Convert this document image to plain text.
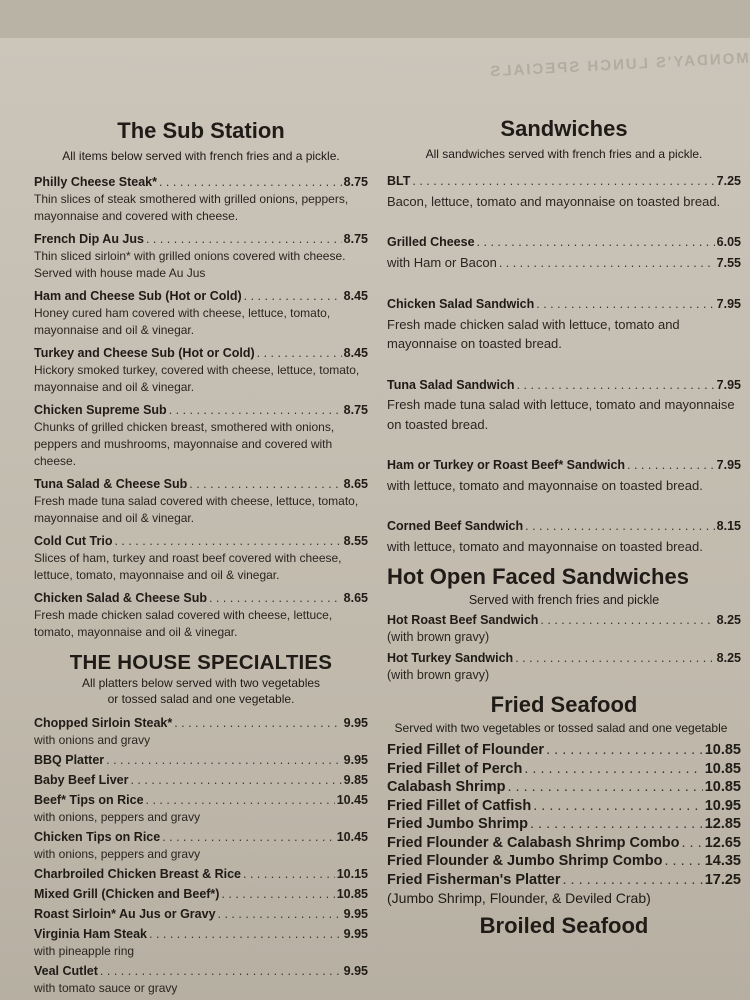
MONDAY'S LUNCH SPECIALS
The Sub Station
All items below served with french fries and a pickle.
Philly Cheese Steak* . . .	8.75
Thin slices of steak smothered with grilled onions, peppers, mayonnaise and covered with cheese.
French Dip Au Jus . . .	8.75
Thin sliced sirloin* with grilled onions covered with cheese. Served with house made Au Jus
Ham and Cheese Sub (Hot or Cold) . . .	8.45
Honey cured ham covered with cheese, lettuce, tomato, mayonnaise and oil & vinegar.
Turkey and Cheese Sub (Hot or Cold) . . .	8.45
Hickory smoked turkey, covered with cheese, lettuce, tomato, mayonnaise and oil & vinegar.
Chicken Supreme Sub . . .	8.75
Chunks of grilled chicken breast, smothered with onions, peppers and mushrooms, mayonnaise and covered with cheese.
Tuna Salad & Cheese Sub . . .	8.65
Fresh made tuna salad covered with cheese, lettuce, tomato, mayonnaise and oil & vinegar.
Cold Cut Trio . . .	8.55
Slices of ham, turkey and roast beef covered with cheese, lettuce, tomato, mayonnaise and oil & vinegar.
Chicken Salad & Cheese Sub . . .	8.65
Fresh made chicken salad covered with cheese, lettuce, tomato, mayonnaise and oil & vinegar.
THE HOUSE SPECIALTIES
All platters below served with two vegetables
or tossed salad and one vegetable.
Chopped Sirloin Steak* . . .	9.95
with onions and gravy
BBQ Platter . . .	9.95
Baby Beef Liver . . .	9.85
Beef* Tips on Rice . . .	10.45
with onions, peppers and gravy
Chicken Tips on Rice . . .	10.45
with onions, peppers and gravy
Charbroiled Chicken Breast & Rice . . .	10.15
Mixed Grill (Chicken and Beef*) . . .	10.85
Roast Sirloin* Au Jus or Gravy . . .	9.95
Virginia Ham Steak . . .	9.95
with pineapple ring
Veal Cutlet . . .	9.95
with tomato sauce or gravy
Sandwiches
All sandwiches served with french fries and a pickle.
BLT . . .	7.25
Bacon, lettuce, tomato and mayonnaise on toasted bread.
Grilled Cheese . . .	6.05
with Ham or Bacon . . .	7.55
Chicken Salad Sandwich . . .	7.95
Fresh made chicken salad with lettuce, tomato and mayonnaise on toasted bread.
Tuna Salad Sandwich . . .	7.95
Fresh made tuna salad with lettuce, tomato and mayonnaise on toasted bread.
Ham or Turkey or Roast Beef* Sandwich . . .	7.95
with lettuce, tomato and mayonnaise on toasted bread.
Corned Beef Sandwich . . .	8.15
with lettuce, tomato and mayonnaise on toasted bread.
Hot Open Faced Sandwiches
Served with french fries and pickle
Hot Roast Beef Sandwich . . .	8.25
(with brown gravy)
Hot Turkey Sandwich . . .	8.25
(with brown gravy)
Fried Seafood
Served with two vegetables or tossed salad and one vegetable
Fried Fillet of Flounder . . .	10.85
Fried Fillet of Perch . . .	10.85
Calabash Shrimp . . .	10.85
Fried Fillet of Catfish . . .	10.95
Fried Jumbo Shrimp . . .	12.85
Fried Flounder & Calabash Shrimp Combo . . . 12.65
Fried Flounder & Jumbo Shrimp Combo . . .	14.35
Fried Fisherman's Platter . . .	17.25
(Jumbo Shrimp, Flounder, & Deviled Crab)
Broiled Seafood
